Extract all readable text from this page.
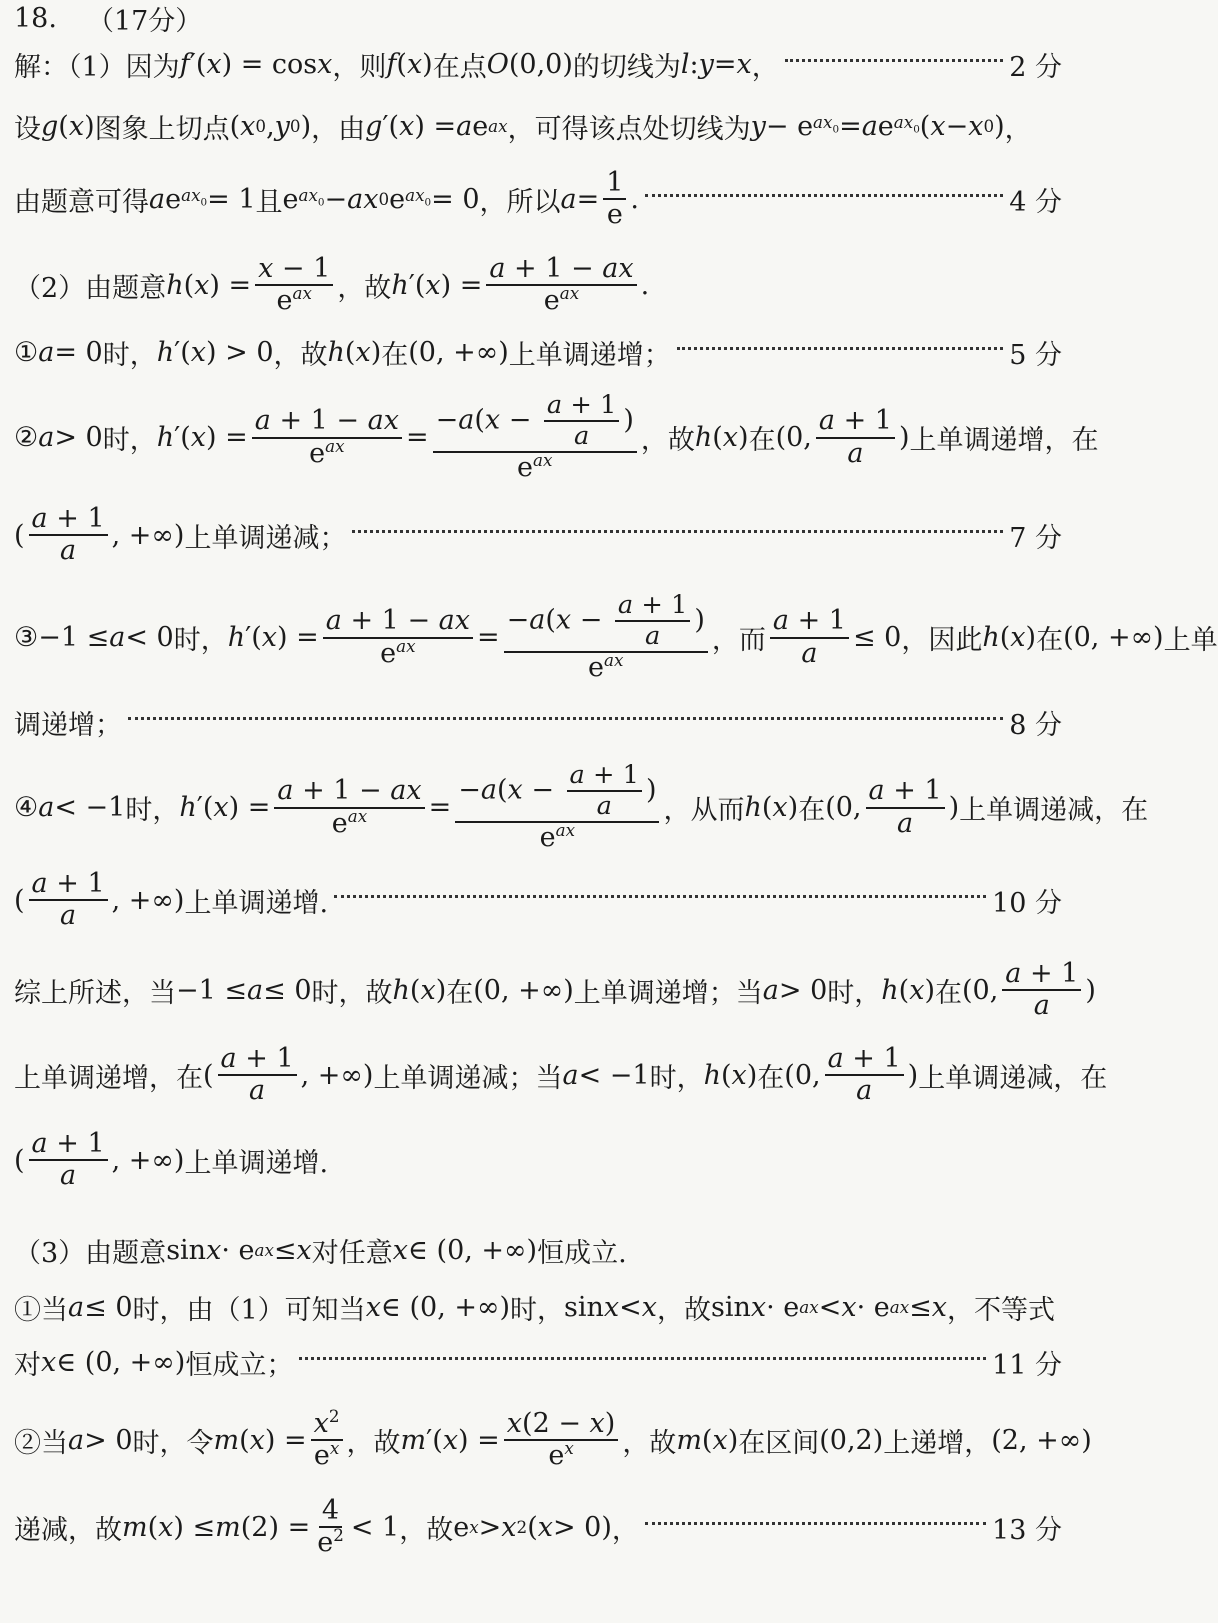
18. （17分）
解：（1）因为 f ′( x ) = cos x ，则 f ( x ) 在点 O (0,0) 的切线为 l : y = x ，	2 分
设 g ( x ) 图象上切点 ( x 0 , y 0 ) ，由 g ′( x ) = a e ax ，可得该点处切线为 y − e $ax_0 = a$ e $ax_0$ ( x − x 0 ) ，
由题意可得 a e $ax_0 = 1$ 且 e $ax_0$ − ax 0 e $ax_0 = 0$ ，所以 $a = \frac{1}{e}$ .	4 分
（2）由题意 h ( x ) = $\frac{x - 1}{e^{ax}}$ ，故 h ′( x ) = $\frac{a + 1 - ax}{e^{ax}}$ .
① a = 0 时， h ′( x ) > 0 ，故 h ( x ) 在 (0, +∞) 上单调递增；	5 分
② a > 0 时， h ′( x ) = $\frac{a + 1 - ax}{e^{ax}} = \frac{-a(x - \frac{a + 1}{a} )}{e^{ax}}$ ，故 h ( x ) 在 (0, $\frac{a + 1}{a}$ ) 上单调递增，在
( $\frac{a + 1}{a}$ , +∞) 上单调递减；	7 分
③ −1 ≤ a < 0 时， h ′( x ) = $\frac{a + 1 - ax}{e^{ax}} = \frac{-a(x - \frac{a + 1}{a} )}{e^{ax}}$ ，而 $\frac{a + 1}{a} \le 0$ ，因此 h ( x ) 在 (0, +∞) 上单
调递增；	8 分
④ a < −1 时， h ′( x ) = $\frac{a + 1 - ax}{e^{ax}} = \frac{-a(x - \frac{a + 1}{a} )}{e^{ax}}$ ，从而 h ( x ) 在 (0, $\frac{a + 1}{a}$ ) 上单调递减，在
( $\frac{a + 1}{a}$ , +∞) 上单调递增.	10 分
综上所述，当 −1 ≤ a ≤ 0 时，故 h ( x ) 在 (0, +∞) 上单调递增； 当 a > 0 时， h ( x ) 在 (0, $\frac{a + 1}{a}$ )
上单调递增，在 ( $\frac{a + 1}{a}$ , +∞) 上单调递减； 当 a < −1 时， h ( x ) 在 (0, $\frac{a + 1}{a}$ ) 上单调递减，在
( $\frac{a + 1}{a}$ , +∞) 上单调递增.
（3）由题意 sin x · e ax ≤ x 对任意 x ∈ (0, +∞) 恒成立.
①当 a ≤ 0 时，由（1）可知当 x ∈ (0, +∞) 时， sin x < x ，故 sin x · e ax < x · e ax ≤ x ，不等式
对 x ∈ (0, +∞) 恒成立；	11 分
②当 a > 0 时，令 m ( x ) = $\frac{x^2}{e^x}$ ，故 m ′( x ) = $\frac{x(2 - x)}{e^x}$ ，故 m ( x ) 在区间 (0,2) 上递增， (2, +∞)
递减，故 m ( x ) ≤ m $(2) = \frac{4}{e^2} < 1$ ，故 e x > x 2 ( x > 0) ，	13 分
